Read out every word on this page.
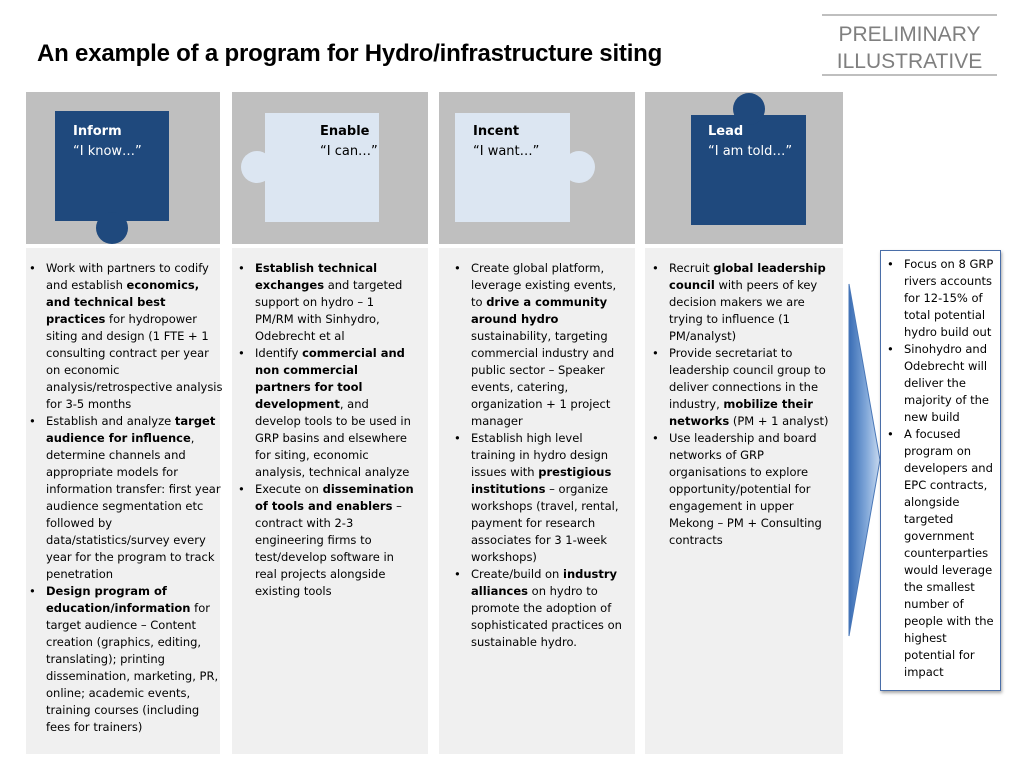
An example of a program for Hydro/infrastructure siting
PRELIMINARY
ILLUSTRATIVE
Inform
“I know…”
• Work with partners to codify and establish economics, and technical best practices for hydropower siting and design (1 FTE + 1 consulting contract per year on economic analysis/retrospective analysis for 3-5 months
• Establish and analyze target audience for influence, determine channels and appropriate models for information transfer: first year audience segmentation etc followed by data/statistics/survey every year for the program to track penetration
• Design program of education/information for target audience – Content creation (graphics, editing, translating); printing dissemination, marketing, PR, online; academic events, training courses (including fees for trainers)
Enable
“I can…”
• Establish technical exchanges and targeted support on hydro – 1 PM/RM with Sinhydro, Odebrecht et al
• Identify commercial and non commercial partners for tool development, and develop tools to be used in GRP basins and elsewhere for siting, economic analysis, technical analyze
• Execute on dissemination of tools and enablers – contract with 2-3 engineering firms to test/develop software in real projects alongside existing tools
Incent
“I want…”
• Create global platform, leverage existing events, to drive a community around hydro sustainability, targeting commercial industry and public sector – Speaker events, catering, organization + 1 project manager
• Establish high level training in hydro design issues with prestigious institutions – organize workshops (travel, rental, payment for research associates for 3 1-week workshops)
• Create/build on industry alliances on hydro to promote the adoption of sophisticated practices on sustainable hydro.
Lead
“I am told…”
• Recruit global leadership council with peers of key decision makers we are trying to influence (1 PM/analyst)
• Provide secretariat to leadership council group to deliver connections in the industry, mobilize their networks (PM + 1 analyst)
• Use leadership and board networks of GRP organisations to explore opportunity/potential for engagement in upper Mekong – PM + Consulting contracts
• Focus on 8 GRP rivers accounts for 12-15% of total potential hydro build out
• Sinohydro and Odebrecht will deliver the majority of the new build
• A focused program on developers and EPC contracts, alongside targeted government counterparties would leverage the smallest number of people with the highest potential for impact
